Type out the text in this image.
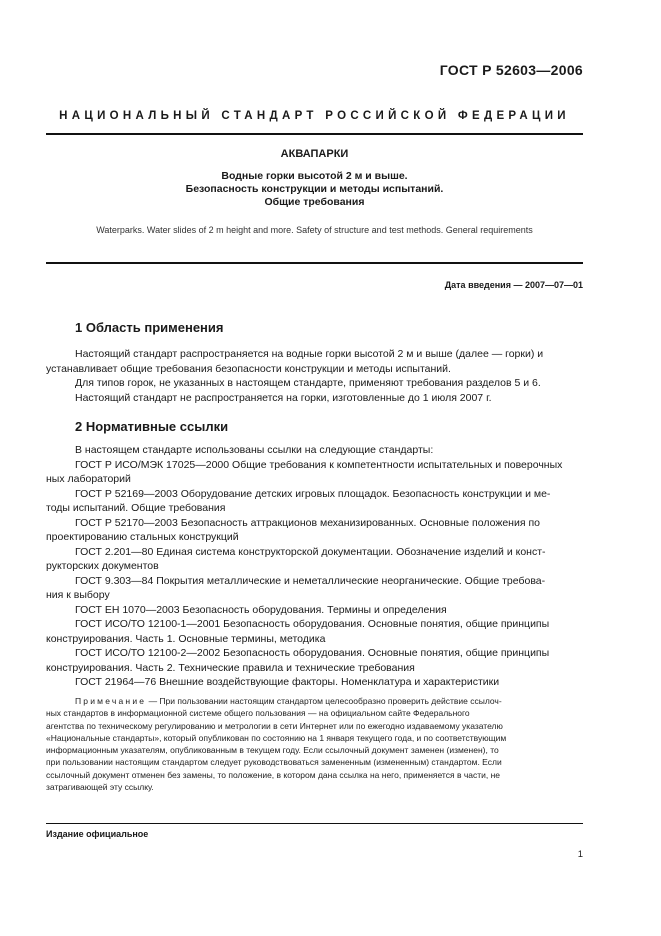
ГОСТ Р 52603—2006
НАЦИОНАЛЬНЫЙ СТАНДАРТ РОССИЙСКОЙ ФЕДЕРАЦИИ
АКВАПАРКИ
Водные горки высотой 2 м и выше.
Безопасность конструкции и методы испытаний.
Общие требования
Waterparks. Water slides of 2 m height and more. Safety of structure and test methods. General requirements
Дата введения — 2007—07—01
1 Область применения
Настоящий стандарт распространяется на водные горки высотой 2 м и выше (далее — горки) и
устанавливает общие требования безопасности конструкции и методы испытаний.
Для типов горок, не указанных в настоящем стандарте, применяют требования разделов 5 и 6.
Настоящий стандарт не распространяется на горки, изготовленные до 1 июля 2007 г.
2 Нормативные ссылки
В настоящем стандарте использованы ссылки на следующие стандарты:
ГОСТ Р ИСО/МЭК 17025—2000 Общие требования к компетентности испытательных и поверочных
ных лабораторий
ГОСТ Р 52169—2003 Оборудование детских игровых площадок. Безопасность конструкции и ме-
тоды испытаний. Общие требования
ГОСТ Р 52170—2003 Безопасность аттракционов механизированных. Основные положения по
проектированию стальных конструкций
ГОСТ 2.201—80 Единая система конструкторской документации. Обозначение изделий и конст-
рукторских документов
ГОСТ 9.303—84 Покрытия металлические и неметаллические неорганические. Общие требова-
ния к выбору
ГОСТ ЕН 1070—2003 Безопасность оборудования. Термины и определения
ГОСТ ИСО/ТО 12100-1—2001 Безопасность оборудования. Основные понятия, общие принципы
конструирования. Часть 1. Основные термины, методика
ГОСТ ИСО/ТО 12100-2—2002 Безопасность оборудования. Основные понятия, общие принципы
конструирования. Часть 2. Технические правила и технические требования
ГОСТ 21964—76 Внешние воздействующие факторы. Номенклатура и характеристики
Примечание — При пользовании настоящим стандартом целесообразно проверить действие ссылоч-
ных стандартов в информационной системе общего пользования — на официальном сайте Федерального
агентства по техническому регулированию и метрологии в сети Интернет или по ежегодно издаваемому указателю
«Национальные стандарты», который опубликован по состоянию на 1 января текущего года, и по соответствующим
информационным указателям, опубликованным в текущем году. Если ссылочный документ заменен (изменен), то
при пользовании настоящим стандартом следует руководствоваться замененным (измененным) стандартом. Если
ссылочный документ отменен без замены, то положение, в котором дана ссылка на него, применяется в части, не
затрагивающей эту ссылку.
Издание официальное
1
